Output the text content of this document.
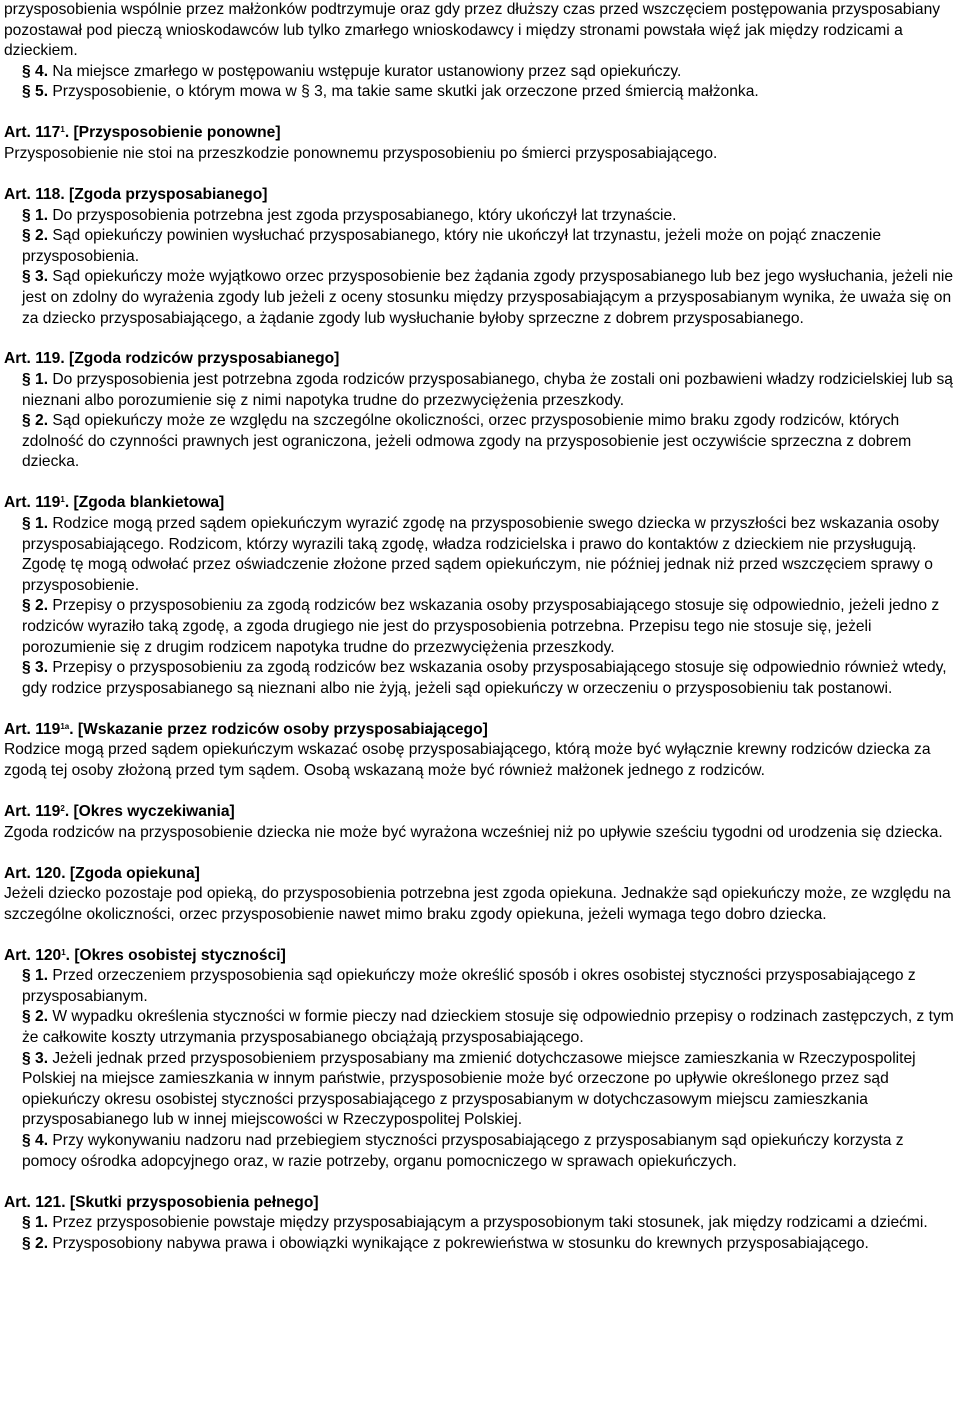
przysposobienia wspólnie przez małżonków podtrzymuje oraz gdy przez dłuższy czas przed wszczęciem postępowania przysposabiany pozostawał pod pieczą wnioskodawców lub tylko zmarłego wnioskodawcy i między stronami powstała więź jak między rodzicami a dzieckiem.

§ 4. Na miejsce zmarłego w postępowaniu wstępuje kurator ustanowiony przez sąd opiekuńczy.

§ 5. Przysposobienie, o którym mowa w § 3, ma takie same skutki jak orzeczone przed śmiercią małżonka.

Art. $117^1$. [Przysposobienie ponowne]

Przysposobienie nie stoi na przeszkodzie ponownemu przysposobieniu po śmierci przysposabiającego.

Art. 118. [Zgoda przysposabianego]

§ 1. Do przysposobienia potrzebna jest zgoda przysposabianego, który ukończył lat trzynaście.

§ 2. Sąd opiekuńczy powinien wysłuchać przysposabianego, który nie ukończył lat trzynastu, jeżeli może on pojąć znaczenie przysposobienia.

§ 3. Sąd opiekuńczy może wyjątkowo orzec przysposobienie bez żądania zgody przysposabianego lub bez jego wysłuchania, jeżeli nie jest on zdolny do wyrażenia zgody lub jeżeli z oceny stosunku między przysposabiającym a przysposabianym wynika, że uważa się on za dziecko przysposabiającego, a żądanie zgody lub wysłuchanie byłoby sprzeczne z dobrem przysposabianego.

Art. 119. [Zgoda rodziców przysposabianego]

§ 1. Do przysposobienia jest potrzebna zgoda rodziców przysposabianego, chyba że zostali oni pozbawieni władzy rodzicielskiej lub są nieznani albo porozumienie się z nimi napotyka trudne do przezwyciężenia przeszkody.

§ 2. Sąd opiekuńczy może ze względu na szczególne okoliczności, orzec przysposobienie mimo braku zgody rodziców, których zdolność do czynności prawnych jest ograniczona, jeżeli odmowa zgody na przysposobienie jest oczywiście sprzeczna z dobrem dziecka.

Art. $119^1$. [Zgoda blankietowa]

§ 1. Rodzice mogą przed sądem opiekuńczym wyrazić zgodę na przysposobienie swego dziecka w przyszłości bez wskazania osoby przysposabiającego. Rodzicom, którzy wyrazili taką zgodę, władza rodzicielska i prawo do kontaktów z dzieckiem nie przysługują. Zgodę tę mogą odwołać przez oświadczenie złożone przed sądem opiekuńczym, nie później jednak niż przed wszczęciem sprawy o przysposobienie.

§ 2. Przepisy o przysposobieniu za zgodą rodziców bez wskazania osoby przysposabiającego stosuje się odpowiednio, jeżeli jedno z rodziców wyraziło taką zgodę, a zgoda drugiego nie jest do przysposobienia potrzebna. Przepisu tego nie stosuje się, jeżeli porozumienie się z drugim rodzicem napotyka trudne do przezwyciężenia przeszkody.

§ 3. Przepisy o przysposobieniu za zgodą rodziców bez wskazania osoby przysposabiającego stosuje się odpowiednio również wtedy, gdy rodzice przysposabianego są nieznani albo nie żyją, jeżeli sąd opiekuńczy w orzeczeniu o przysposobieniu tak postanowi.

Art. $119^{1a}$. [Wskazanie przez rodziców osoby przysposabiającego]

Rodzice mogą przed sądem opiekuńczym wskazać osobę przysposabiającego, którą może być wyłącznie krewny rodziców dziecka za zgodą tej osoby złożoną przed tym sądem. Osobą wskazaną może być również małżonek jednego z rodziców.

Art. $119^2$. [Okres wyczekiwania]

Zgoda rodziców na przysposobienie dziecka nie może być wyrażona wcześniej niż po upływie sześciu tygodni od urodzenia się dziecka.

Art. 120. [Zgoda opiekuna]

Jeżeli dziecko pozostaje pod opieką, do przysposobienia potrzebna jest zgoda opiekuna. Jednakże sąd opiekuńczy może, ze względu na szczególne okoliczności, orzec przysposobienie nawet mimo braku zgody opiekuna, jeżeli wymaga tego dobro dziecka.

Art. $120^1$. [Okres osobistej styczności]

§ 1. Przed orzeczeniem przysposobienia sąd opiekuńczy może określić sposób i okres osobistej styczności przysposabiającego z przysposabianym.

§ 2. W wypadku określenia styczności w formie pieczy nad dzieckiem stosuje się odpowiednio przepisy o rodzinach zastępczych, z tym że całkowite koszty utrzymania przysposabianego obciążają przysposabiającego.

§ 3. Jeżeli jednak przed przysposobieniem przysposabiany ma zmienić dotychczasowe miejsce zamieszkania w Rzeczypospolitej Polskiej na miejsce zamieszkania w innym państwie, przysposobienie może być orzeczone po upływie określonego przez sąd opiekuńczy okresu osobistej styczności przysposabiającego z przysposabianym w dotychczasowym miejscu zamieszkania przysposabianego lub w innej miejscowości w Rzeczypospolitej Polskiej.

§ 4. Przy wykonywaniu nadzoru nad przebiegiem styczności przysposabiającego z przysposabianym sąd opiekuńczy korzysta z pomocy ośrodka adopcyjnego oraz, w razie potrzeby, organu pomocniczego w sprawach opiekuńczych.

Art. 121. [Skutki przysposobienia pełnego]

§ 1. Przez przysposobienie powstaje między przysposabiającym a przysposobionym taki stosunek, jak między rodzicami a dziećmi.

§ 2. Przysposobiony nabywa prawa i obowiązki wynikające z pokrewieństwa w stosunku do krewnych przysposabiającego.
